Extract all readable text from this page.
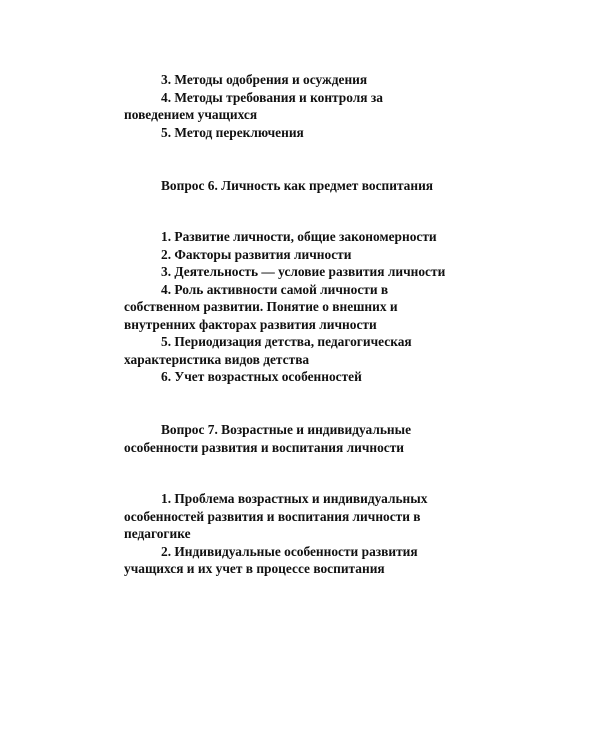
3. Методы одобрения и осуждения
4. Методы требования и контроля за
поведением учащихся
5. Метод переключения
Вопрос 6. Личность как предмет воспитания
1. Развитие личности, общие закономерности
2. Факторы развития личности
3. Деятельность — условие развития личности
4. Роль активности самой личности в
собственном развитии. Понятие о внешних и
внутренних факторах развития личности
5. Периодизация детства, педагогическая
характеристика видов детства
6. Учет возрастных особенностей
Вопрос 7. Возрастные и индивидуальные
особенности развития и воспитания личности
1. Проблема возрастных и индивидуальных
особенностей развития и воспитания личности в
педагогике
2. Индивидуальные особенности развития
учащихся и их учет в процессе воспитания
